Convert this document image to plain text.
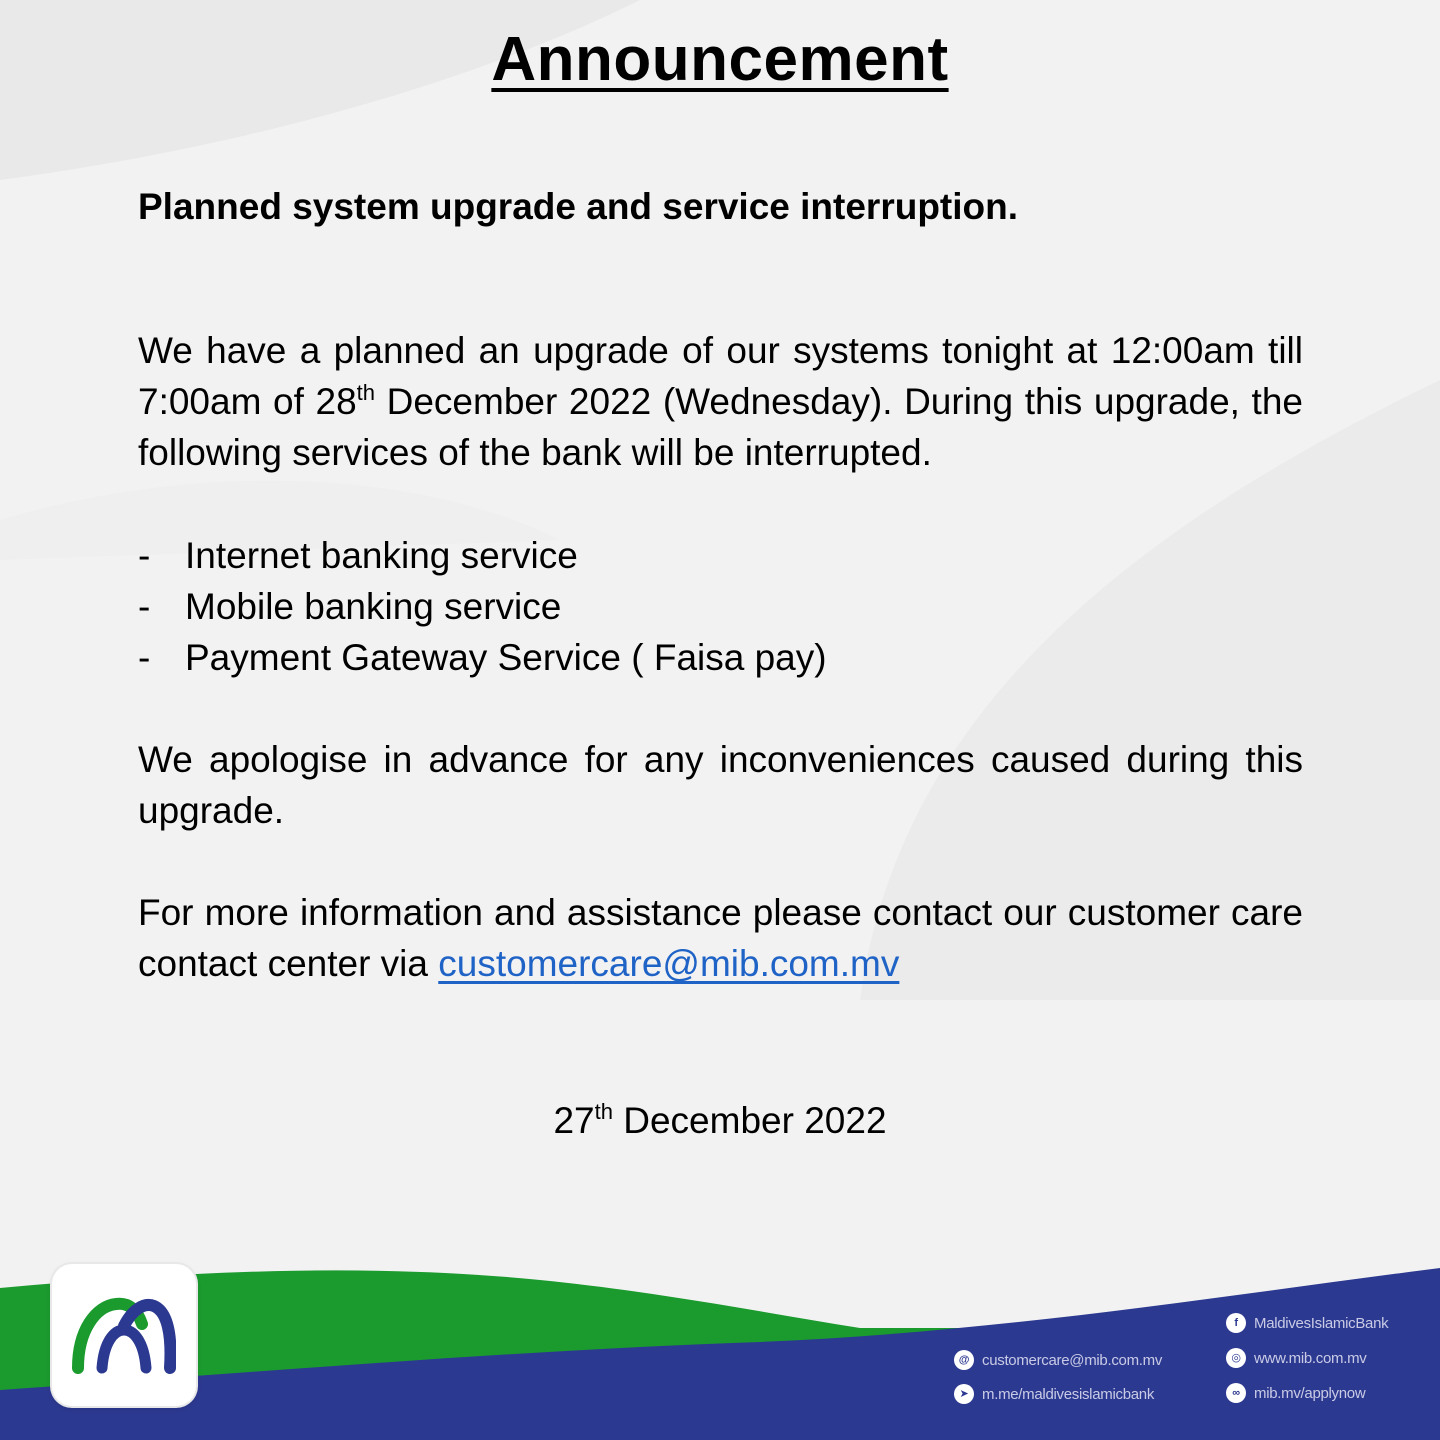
Announcement
Planned system upgrade and service interruption.
We have a planned an upgrade of our systems tonight at 12:00am till 7:00am of 28th December 2022 (Wednesday). During this upgrade, the following services of the bank will be interrupted.
- Internet banking service
- Mobile banking service
- Payment Gateway Service ( Faisa pay)
We apologise in advance for any inconveniences caused during this upgrade.
For more information and assistance please contact our customer care contact center via customercare@mib.com.mv
27th December 2022
@ customercare@mib.com.mv
➤ m.me/maldivesislamicbank
f MaldivesIslamicBank
◎ www.mib.com.mv
∞ mib.mv/applynow
